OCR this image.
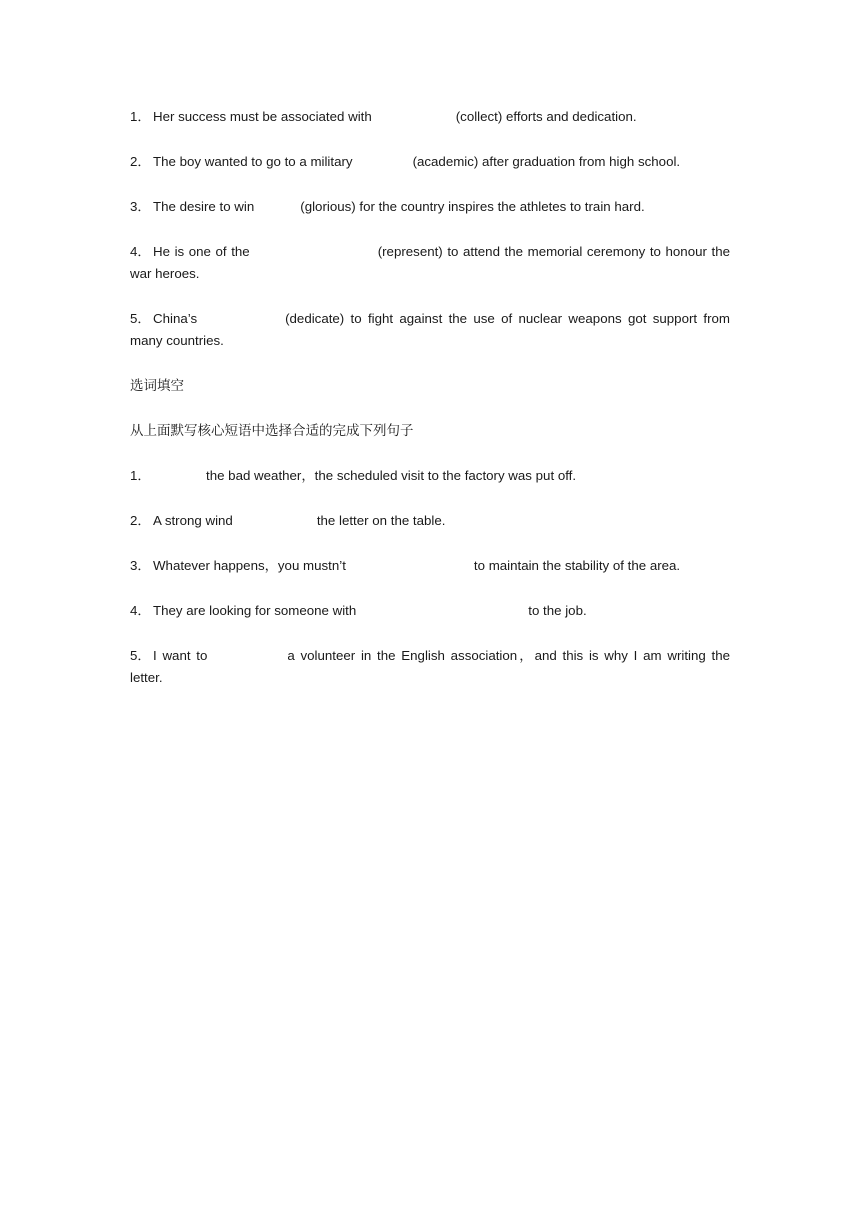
1． Her success must be associated with	(collect) efforts and dedication.
2． The boy wanted to go to a military	(academic) after graduation from high school.
3． The desire to win	(glorious) for the country inspires the athletes to train hard.
4． He is one of the	(represent) to attend the memorial ceremony to honour the war heroes.
5． China’s	(dedicate) to fight against the use of nuclear weapons got support from many countries.
选词填空
从上面默写核心短语中选择合适的完成下列句子
1．	the bad weather，the scheduled visit to the factory was put off.
2． A strong wind	the letter on the table.
3． Whatever happens，you mustn’t	to maintain the stability of the area.
4． They are looking for someone with	to the job.
5． I want to	a volunteer in the English association，and this is why I am writing the letter.
